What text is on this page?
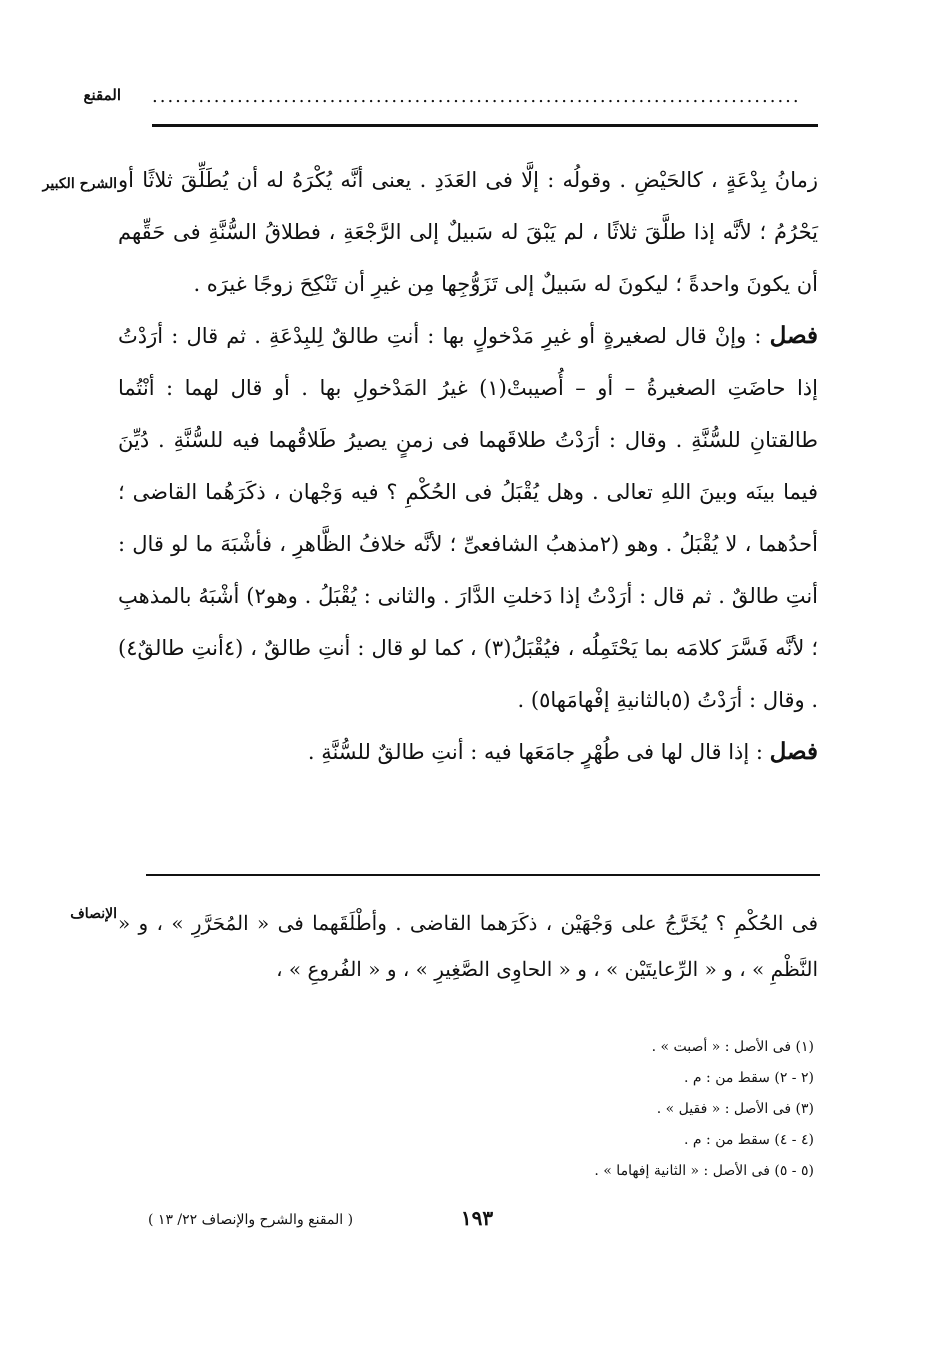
المقنع ....................................................................................
الشرح الكبير
الإنصاف

زمانُ بِدْعَةٍ ، كالحَيْضِ . وقولُه : إلَّا فى العَدَدِ . يعنى أنَّه يُكْرَهُ له أن يُطَلِّقَ ثلاثًا أو يَحْرُمُ ؛ لأنَّه إذا طلَّقَ ثلاثًا ، لم يَبْقَ له سَبيلٌ إلى الرَّجْعَةِ ، فطلاقُ السُّنَّةِ فى حَقِّهم أن يكونَ واحدةً ؛ ليكونَ له سَبيلٌ إلى تَزَوُّجِها مِن غيرِ أن تَنْكِحَ زوجًا غيرَه .

فصل : وإنْ قال لصغيرةٍ أو غيرِ مَدْخولٍ بها : أنتِ طالقٌ لِلبِدْعَةِ . ثم قال : أرَدْتُ إذا حاضَتِ الصغيرةُ – أو – أُصيبتْ(١) غيرُ المَدْخولِ بها . أو قال لهما : أنْتُما طالقتانِ للسُّنَّةِ . وقال : أرَدْتُ طلاقَهما فى زمنٍ يصيرُ طَلاقُهما فيه للسُّنَّةِ . دُيِّنَ فيما بينَه وبينَ اللهِ تعالى . وهل يُقْبَلُ فى الحُكْمِ ؟ فيه وَجْهان ، ذكَرَهُما القاضى ؛ أحدُهما ، لا يُقْبَلُ . وهو (٢مذهبُ الشافعىِّ ؛ لأنَّه خلافُ الظَّاهرِ ، فأشْبَهَ ما لو قال : أنتِ طالقٌ . ثم قال : أرَدْتُ إذا دَخلتِ الدَّارَ . والثانى : يُقْبَلُ . وهو٢) أشْبَهُ بالمذهبِ ؛ لأنَّه فَسَّرَ كلامَه بما يَحْتَمِلُه ، فيُقْبَلُ(٣) ، كما لو قال : أنتِ طالقٌ ، (٤أنتِ طالقٌ٤) . وقال : أرَدْتُ (٥بالثانيةِ إفْهامَها٥) .

فصل : إذا قال لها فى طُهْرٍ جامَعَها فيه : أنتِ طالقٌ للسُّنَّةِ .

فى الحُكْمِ ؟ يُخَرَّجُ على وَجْهَيْن ، ذكَرَهما القاضى . وأطْلَقَهما فى « المُحَرَّرِ » ، و « النَّظْمِ » ، و « الرِّعايتَيْن » ، و « الحاوِى الصَّغِيرِ » ، و « الفُروعِ » ،

(١) فى الأصل : « أصبت » .
(٢ - ٢) سقط من : م .
(٣) فى الأصل : « فقيل » .
(٤ - ٤) سقط من : م .
(٥ - ٥) فى الأصل : « الثانية إفهاما » .
١٩٣
( المقنع والشرح والإنصاف ٢٢/ ١٣ )
